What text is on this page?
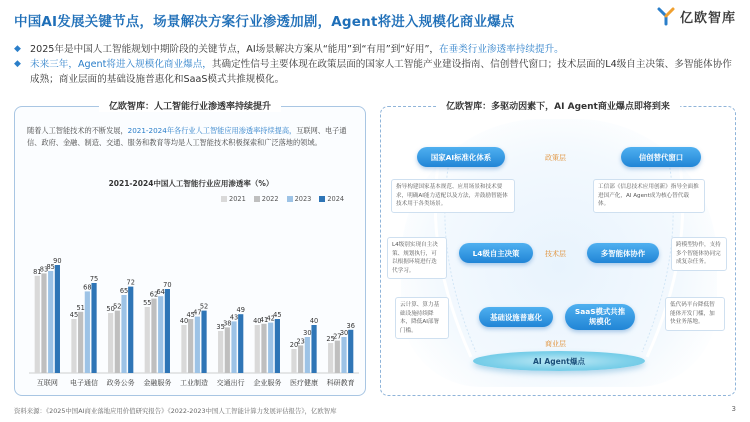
中国AI发展关键节点，场景解决方案行业渗透加剧，Agent将进入规模化商业爆点	亿欧智库
◆ 2025年是中国人工智能规划中期阶段的关键节点，AI场景解决方案从“能用”到“有用”到“好用”，在垂类行业渗透率持续提升。
◆ 未来三年，Agent将进入规模化商业爆点，其确定性信号主要体现在政策层面的国家人工智能产业建设指南、信创替代窗口；技术层面的L4级自主决策、多智能体协作成熟；商业层面的基础设施普惠化和SaaS模式共推规模化。
亿欧智库：人工智能行业渗透率持续提升
随着人工智能技术的不断发展，2021-2024年各行业人工智能应用渗透率持续提高，互联网、电子通信、政府、金融、制造、交通、服务和教育等均是人工智能技术积极探索和广泛落地的领域。
2021-2024中国人工智能行业应用渗透率（%）
2021 2022 2023 2024
81
83
85
90
互联网
45
51
68
75
电子通信
50
52
65
72
政务公务
55
62
64
70
金融服务
40
45
47
52
工业制造
35
38
43
49
交通出行
40
41
42
45
企业服务
20
23
30
40
医疗健康
25
27
30
36
科研教育
亿欧智库：多驱动因素下，AI Agent商业爆点即将到来
国家AI标准化体系	政策层	信创替代窗口
指导构建国家基本规范、应用场景和技术要求，明确AI能力适配以及方法，并鼓励智能体技术用于各类场景。
工信部《信息技术应用创新》指导全面推进国产化，AI Agent成为核心替代载体。
L4级别实现自主决策、规划执行，可以根据环境进行迭代学习。
L4级自主决策	技术层	多智能体协作
跨模型协作，支持多个智能体协同完成复杂任务。
云计算、算力基础设施持续降本，降低AI部署门槛。
基础设施普惠化
SaaS模式共推
规模化
低代码平台降低智能体开发门槛，加快业务落地。
商业层
AI Agent爆点
资料来源：《2025中国AI商业落地应用价值研究报告》《2022-2023中国人工智能计算力发展评估报告》，亿欧智库	3
